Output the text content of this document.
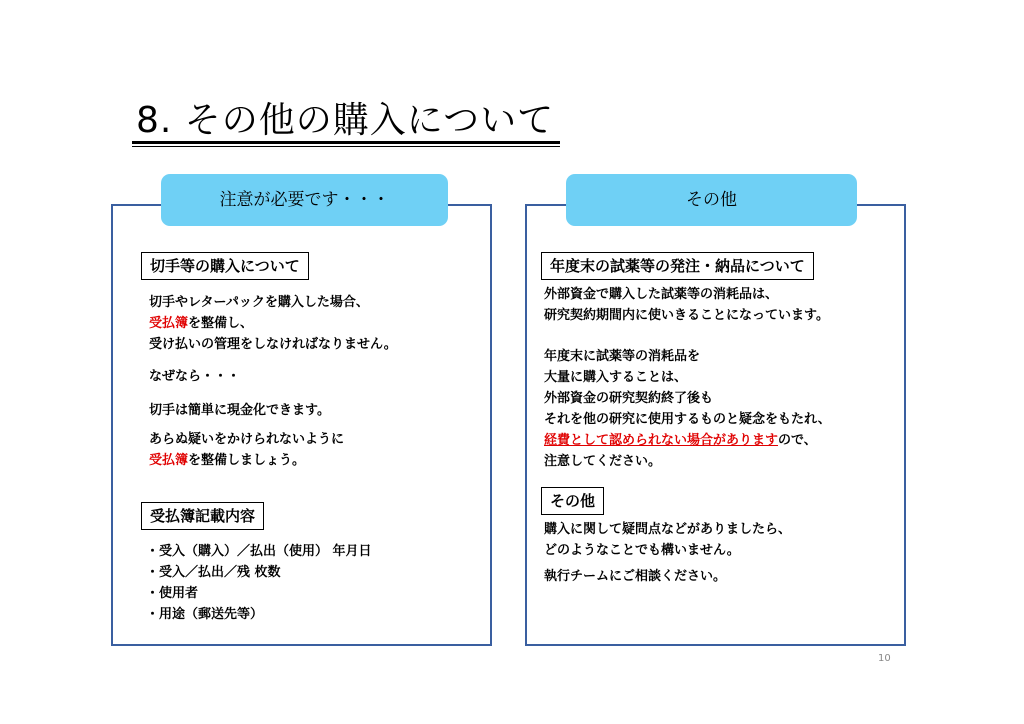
8. その他の購入について
注意が必要です・・・
切手等の購入について
切手やレターパックを購入した場合、
受払簿を整備し、
受け払いの管理をしなければなりません。
なぜなら・・・
切手は簡単に現金化できます。
あらぬ疑いをかけられないように
受払簿を整備しましょう。
受払簿記載内容
・受入（購入）／払出（使用） 年月日
・受入／払出／残 枚数
・使用者
・用途（郵送先等）
その他
年度末の試薬等の発注・納品について
外部資金で購入した試薬等の消耗品は、
研究契約期間内に使いきることになっています。
年度末に試薬等の消耗品を
大量に購入することは、
外部資金の研究契約終了後も
それを他の研究に使用するものと疑念をもたれ、
経費として認められない場合がありますので、
注意してください。
その他
購入に関して疑問点などがありましたら、
どのようなことでも構いません。
執行チームにご相談ください。
10
